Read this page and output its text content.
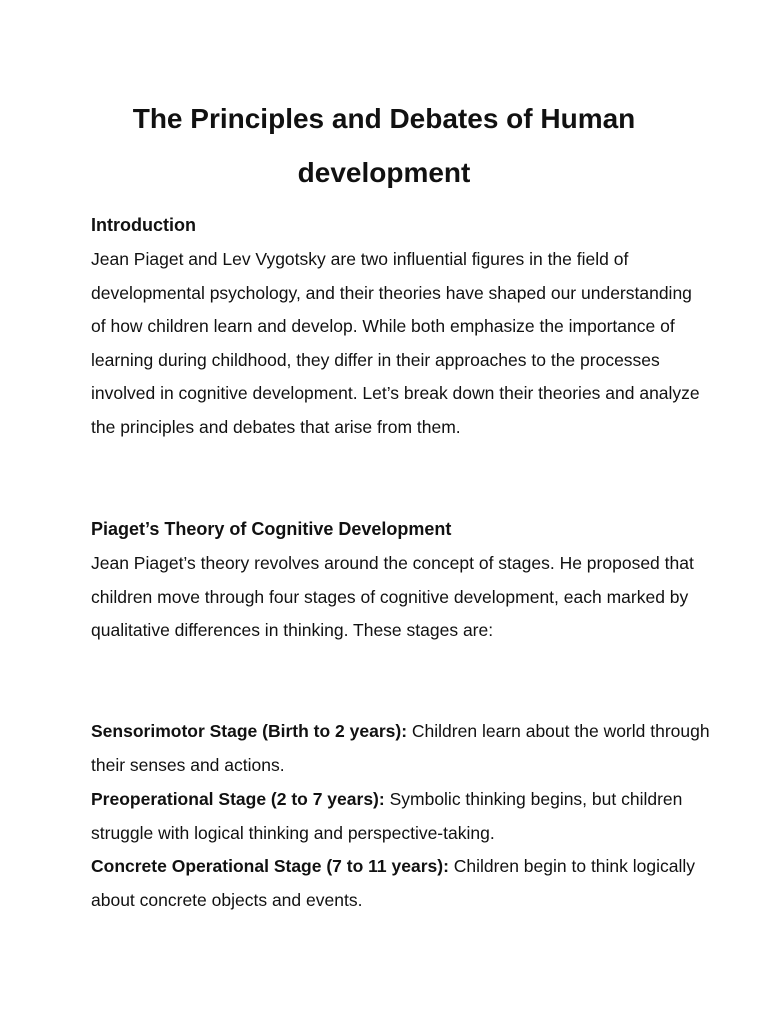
The Principles and Debates of Human
development
Introduction

Jean Piaget and Lev Vygotsky are two influential figures in the field of developmental psychology, and their theories have shaped our understanding of how children learn and develop. While both emphasize the importance of learning during childhood, they differ in their approaches to the processes involved in cognitive development. Let’s break down their theories and analyze the principles and debates that arise from them.

Piaget’s Theory of Cognitive Development

Jean Piaget’s theory revolves around the concept of stages. He proposed that children move through four stages of cognitive development, each marked by qualitative differences in thinking. These stages are:

Sensorimotor Stage (Birth to 2 years): Children learn about the world through their senses and actions.

Preoperational Stage (2 to 7 years): Symbolic thinking begins, but children struggle with logical thinking and perspective-taking.

Concrete Operational Stage (7 to 11 years): Children begin to think logically about concrete objects and events.
